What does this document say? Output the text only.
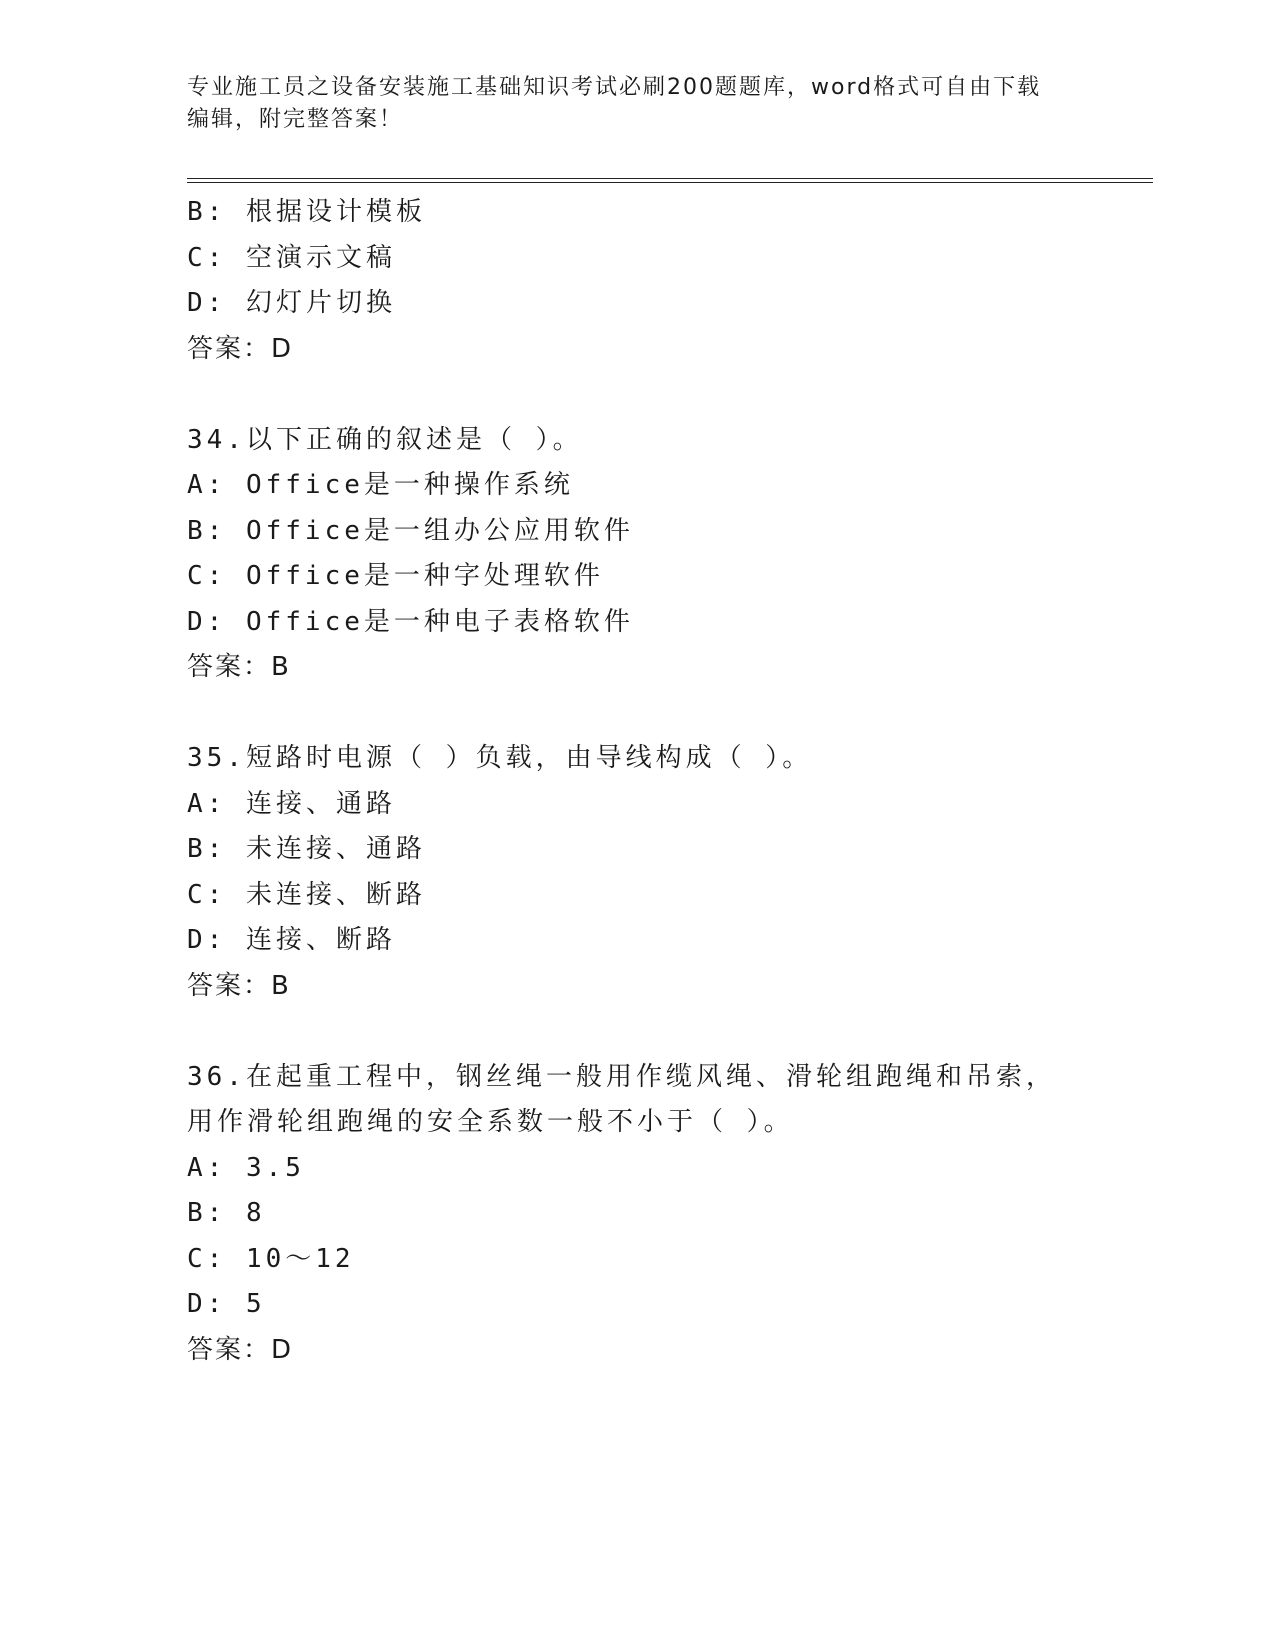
专业施工员之设备安装施工基础知识考试必刷200题题库，word格式可自由下载
编辑，附完整答案！
B: 根据设计模板
C: 空演示文稿
D: 幻灯片切换
答案：D
34.以下正确的叙述是（ ）。
A: Office是一种操作系统
B: Office是一组办公应用软件
C: Office是一种字处理软件
D: Office是一种电子表格软件
答案：B
35.短路时电源（ ）负载，由导线构成（ ）。
A: 连接、通路
B: 未连接、通路
C: 未连接、断路
D: 连接、断路
答案：B
36.在起重工程中，钢丝绳一般用作缆风绳、滑轮组跑绳和吊索，用作滑轮组跑绳的安全系数一般不小于（ ）。
A: 3.5
B: 8
C: 10～12
D: 5
答案：D
